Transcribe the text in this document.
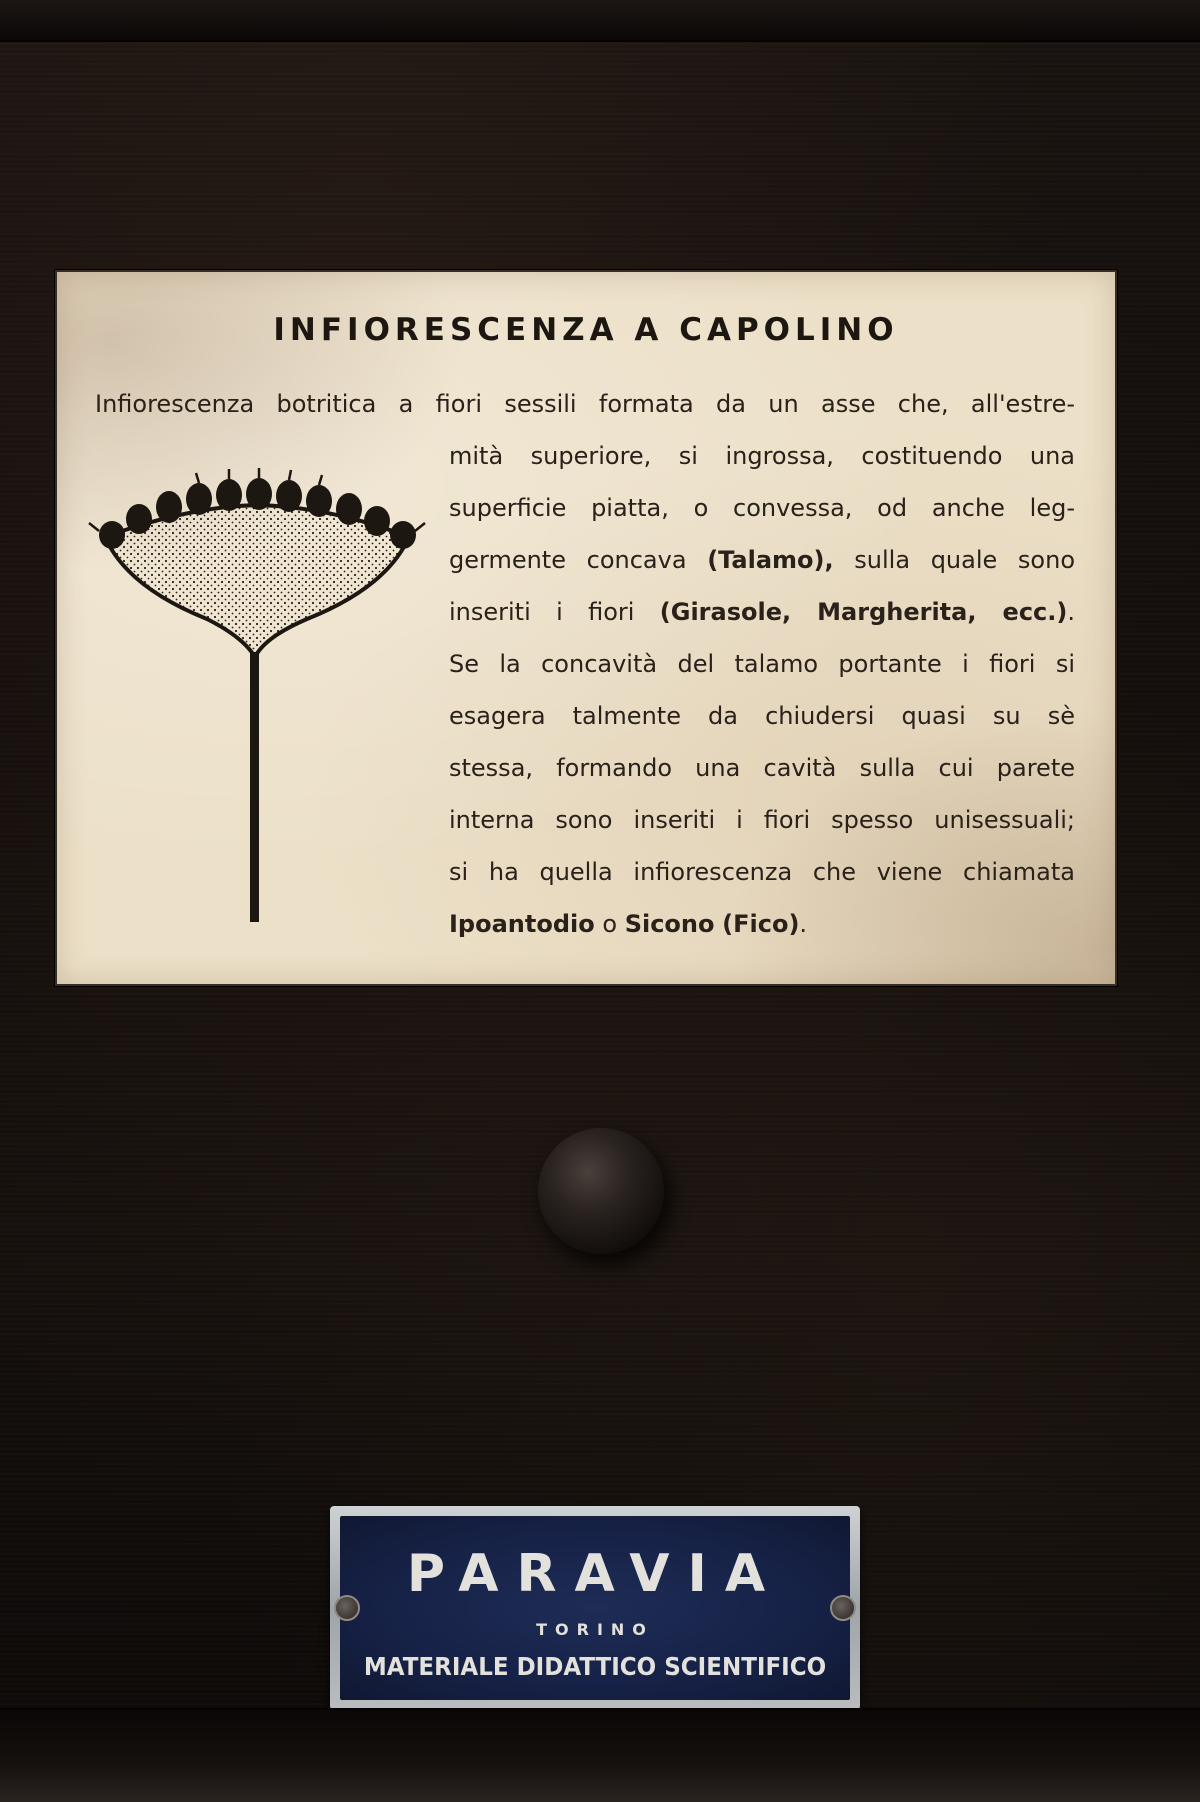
INFIORESCENZA A CAPOLINO
Infiorescenza botritica a fiori sessili formata da un asse che, all'estre-
mità superiore, si ingrossa, costituendo una
superficie piatta, o convessa, od anche leg-
germente concava (Talamo), sulla quale sono
inseriti i fiori (Girasole, Margherita, ecc.).
Se la concavità del talamo portante i fiori si
esagera talmente da chiudersi quasi su sè
stessa, formando una cavità sulla cui parete
interna sono inseriti i fiori spesso unisessuali;
si ha quella infiorescenza che viene chiamata
Ipoantodio o Sicono (Fico).
PARAVIA
TORINO
MATERIALE DIDATTICO SCIENTIFICO
